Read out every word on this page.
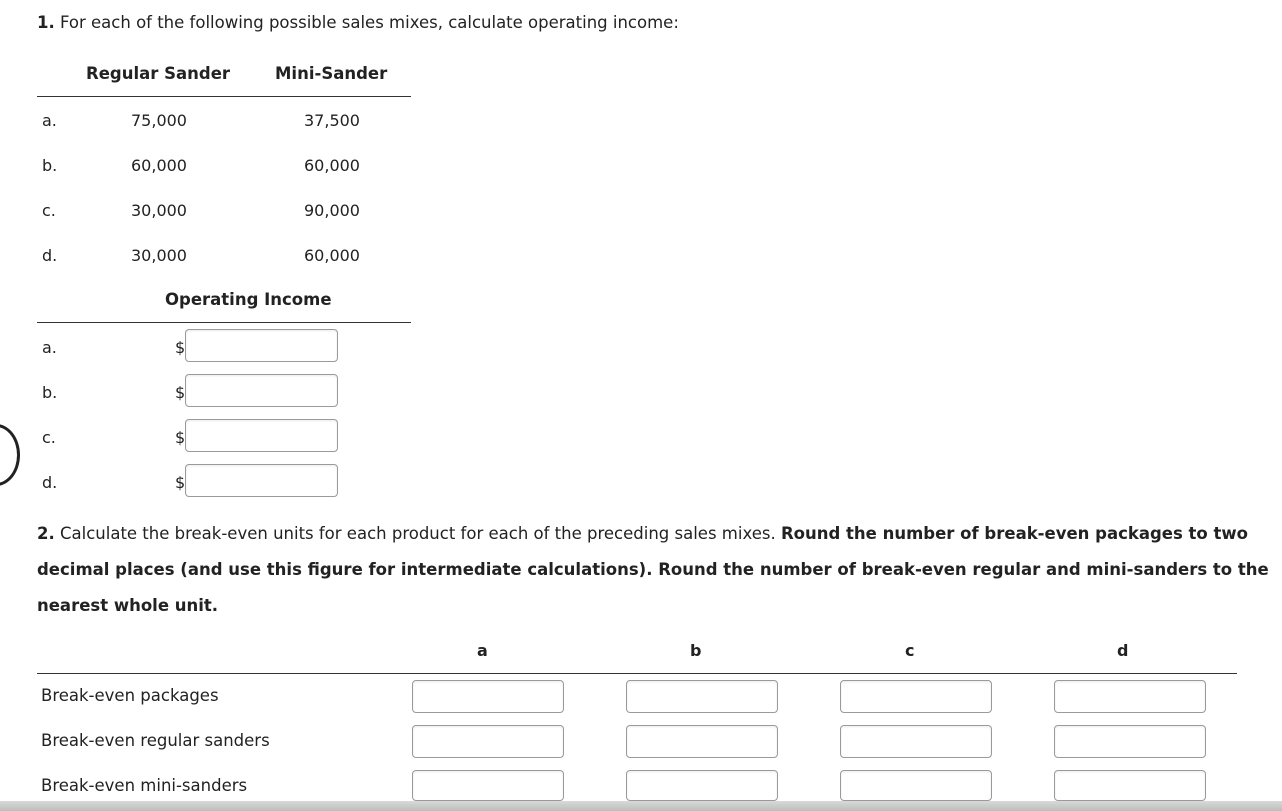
1. For each of the following possible sales mixes, calculate operating income:
Regular Sander	Mini-Sander
a.	75,000	37,500
b.	60,000	60,000
c.	30,000	90,000
d.	30,000	60,000
Operating Income
a.	$
b.	$
c.	$
d.	$
2. Calculate the break-even units for each product for each of the preceding sales mixes. Round the number of break-even packages to two decimal places (and use this figure for intermediate calculations). Round the number of break-even regular and mini-sanders to the nearest whole unit.
a	b	c	d
Break-even packages
Break-even regular sanders
Break-even mini-sanders
